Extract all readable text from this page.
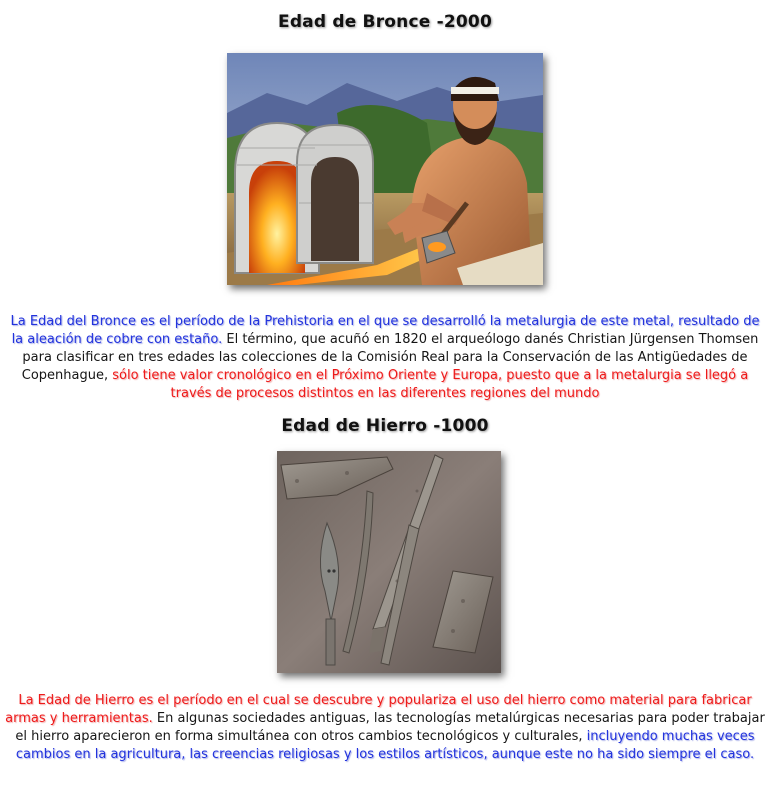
Edad de Bronce -2000
La Edad del Bronce es el período de la Prehistoria en el que se desarrolló la metalurgia de este metal, resultado de la aleación de cobre con estaño. El término, que acuñó en 1820 el arqueólogo danés Christian Jürgensen Thomsen para clasificar en tres edades las colecciones de la Comisión Real para la Conservación de las Antigüedades de Copenhague, sólo tiene valor cronológico en el Próximo Oriente y Europa, puesto que a la metalurgia se llegó a través de procesos distintos en las diferentes regiones del mundo
Edad de Hierro -1000
La Edad de Hierro es el período en el cual se descubre y populariza el uso del hierro como material para fabricar armas y herramientas. En algunas sociedades antiguas, las tecnologías metalúrgicas necesarias para poder trabajar el hierro aparecieron en forma simultánea con otros cambios tecnológicos y culturales, incluyendo muchas veces cambios en la agricultura, las creencias religiosas y los estilos artísticos, aunque este no ha sido siempre el caso.
